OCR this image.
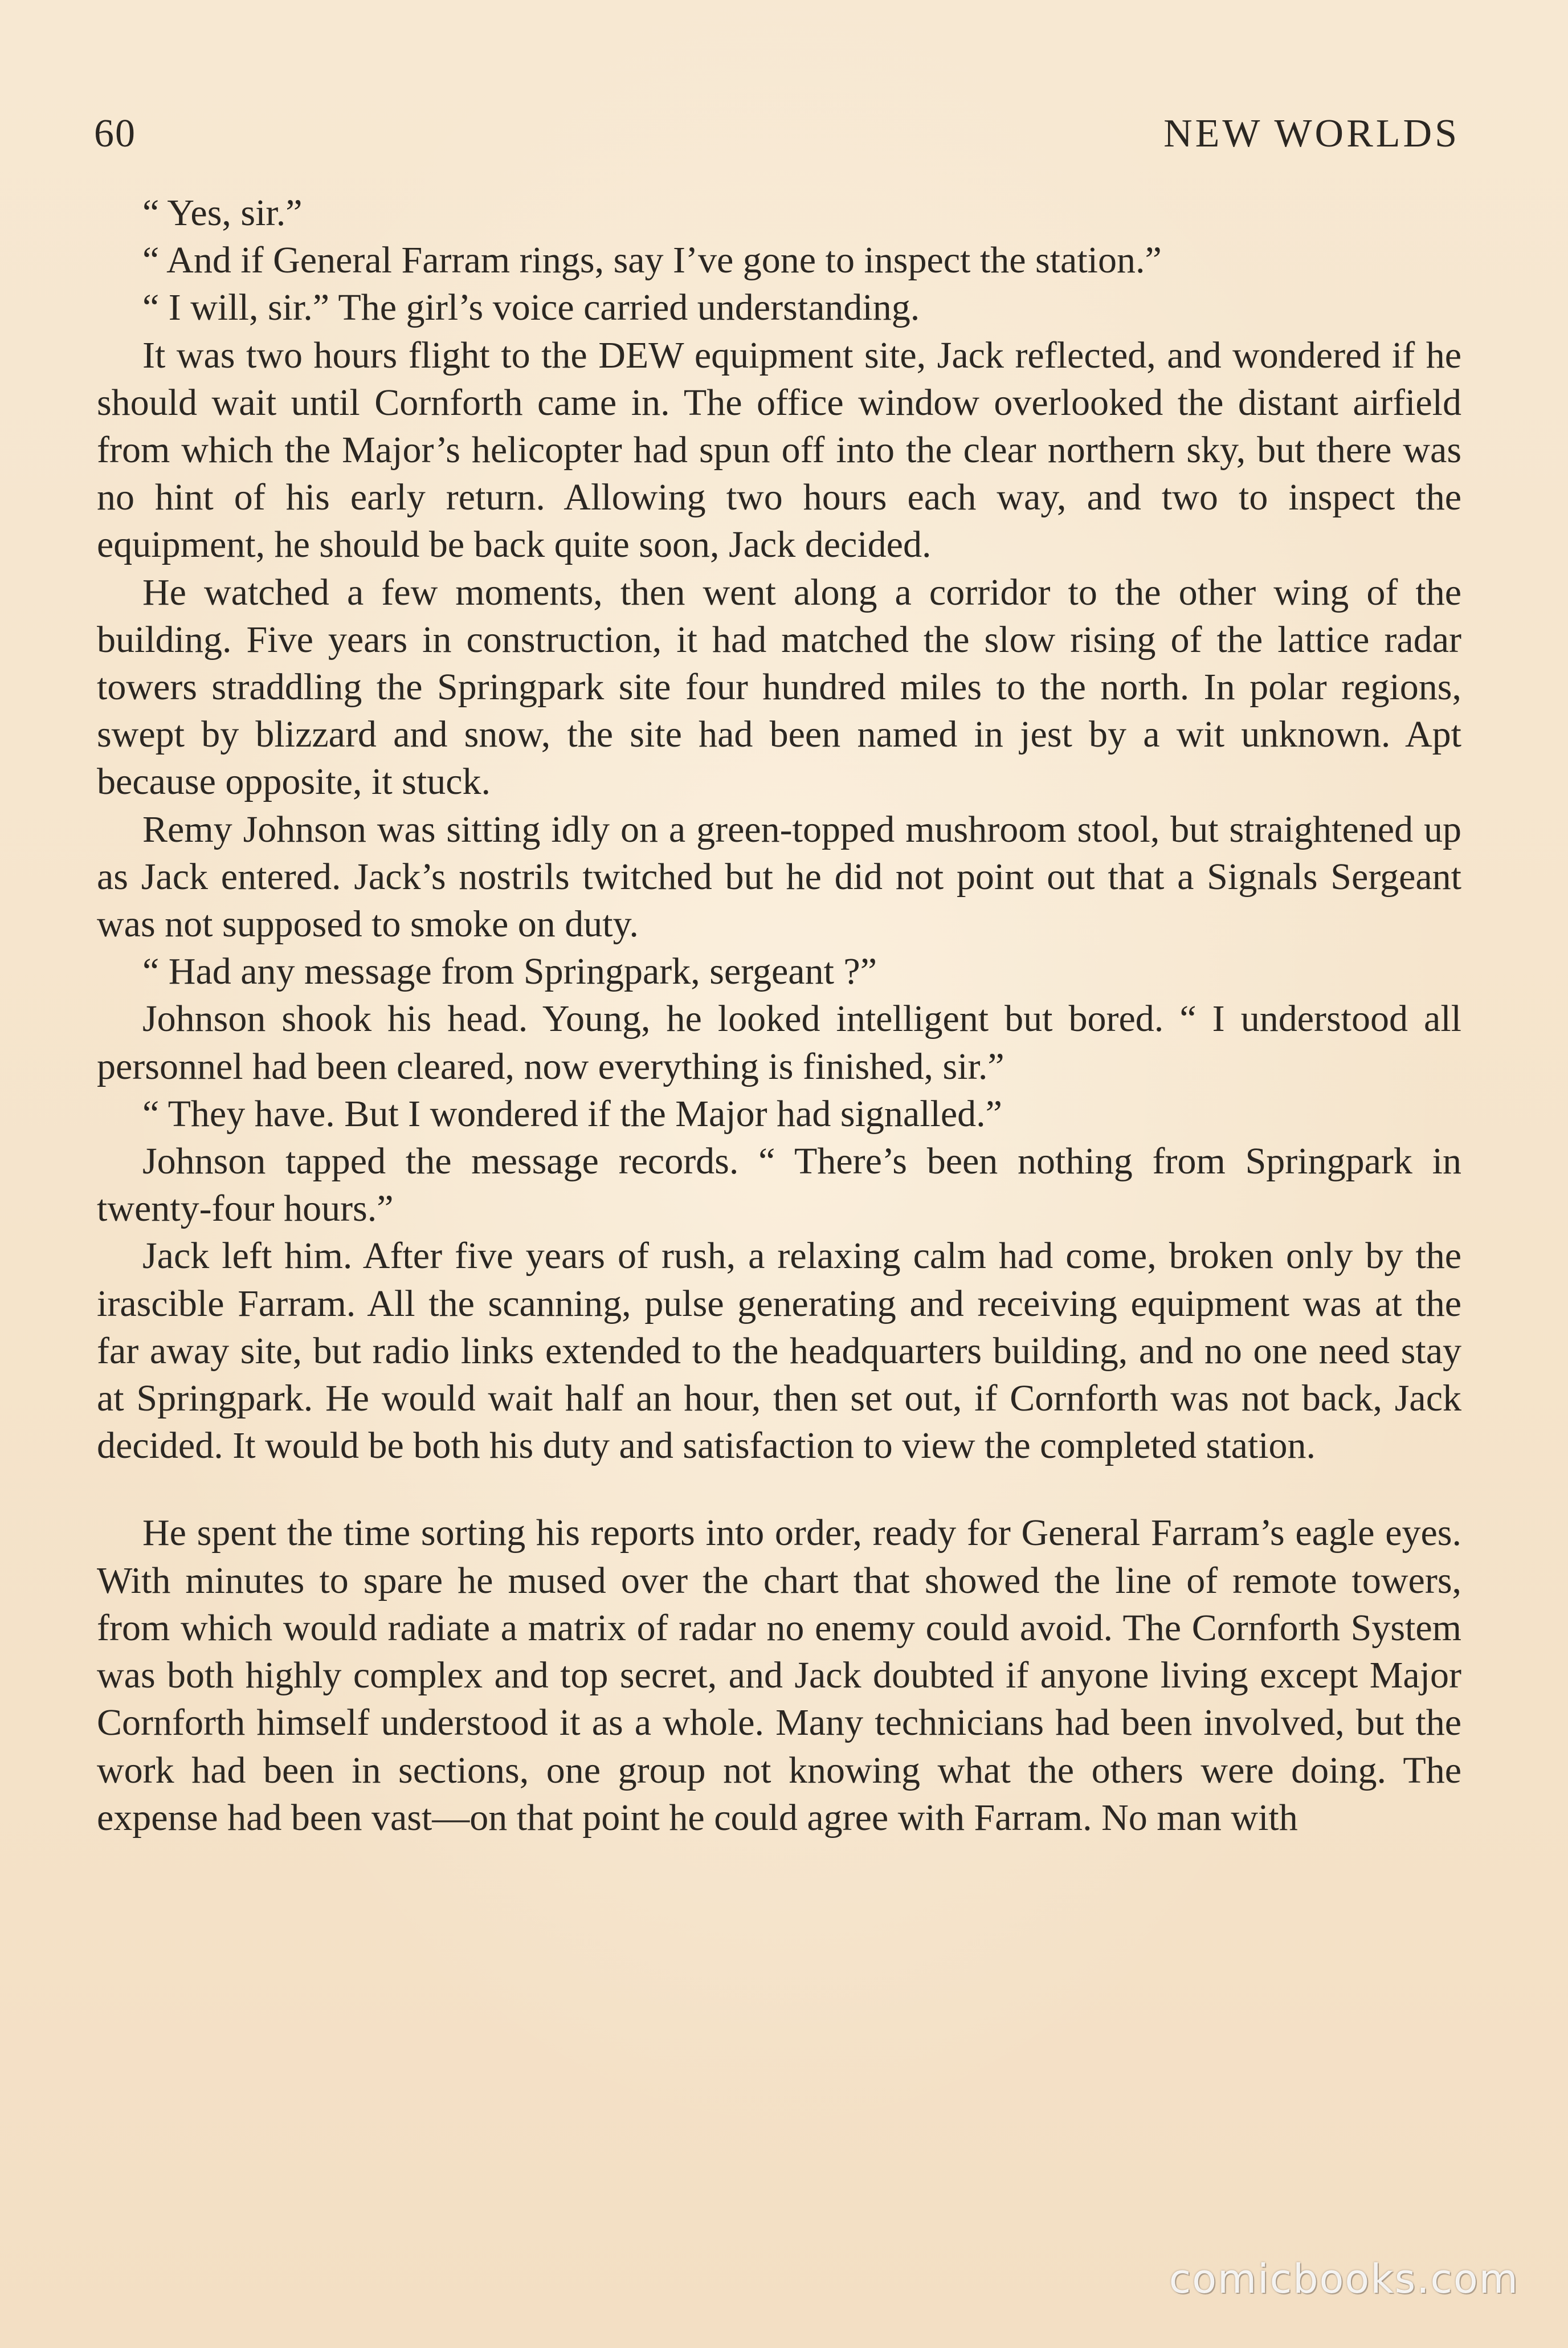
60	NEW WORLDS

“ Yes, sir.”

“ And if General Farram rings, say I’ve gone to inspect the station.”

“ I will, sir.” The girl’s voice carried understanding.

It was two hours flight to the DEW equipment site, Jack reflected, and wondered if he should wait until Cornforth came in. The office window overlooked the distant airfield from which the Major’s helicopter had spun off into the clear northern sky, but there was no hint of his early return. Allowing two hours each way, and two to inspect the equipment, he should be back quite soon, Jack decided.

He watched a few moments, then went along a corridor to the other wing of the building. Five years in construction, it had matched the slow rising of the lattice radar towers straddling the Springpark site four hundred miles to the north. In polar regions, swept by blizzard and snow, the site had been named in jest by a wit unknown. Apt because opposite, it stuck.

Remy Johnson was sitting idly on a green-topped mushroom stool, but straightened up as Jack entered. Jack’s nostrils twitched but he did not point out that a Signals Sergeant was not supposed to smoke on duty.

“ Had any message from Springpark, sergeant ?”

Johnson shook his head. Young, he looked intelligent but bored. “ I understood all personnel had been cleared, now everything is finished, sir.”

“ They have. But I wondered if the Major had signalled.”

Johnson tapped the message records. “ There’s been nothing from Springpark in twenty-four hours.”

Jack left him. After five years of rush, a relaxing calm had come, broken only by the irascible Farram. All the scanning, pulse generating and receiving equipment was at the far away site, but radio links extended to the headquarters building, and no one need stay at Springpark. He would wait half an hour, then set out, if Cornforth was not back, Jack decided. It would be both his duty and satisfaction to view the completed station.

He spent the time sorting his reports into order, ready for General Farram’s eagle eyes. With minutes to spare he mused over the chart that showed the line of remote towers, from which would radiate a matrix of radar no enemy could avoid. The Cornforth System was both highly complex and top secret, and Jack doubted if anyone living except Major Cornforth himself understood it as a whole. Many technicians had been involved, but the work had been in sections, one group not knowing what the others were doing. The expense had been vast—on that point he could agree with Farram. No man with

comicbooks.com
